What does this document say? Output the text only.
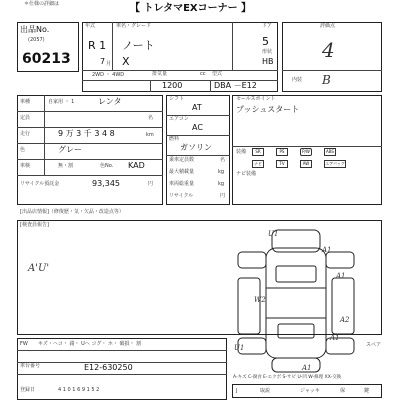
＊仕様の詳細は	【 トレタマEXコーナー 】
出品No.
(2057)
60213
年式
R 1
7 月
車名・グレード
ノート
X
2WD ・ 4WD
ドア
5
形状
HB
排気量	cc
1200
型式
DBA －E12
評価点
4
内装 B
車種	自家用 ・ 1	レンタ
定員	名
走行	9 万 3 千 3 4 8	km
色	グレー
車検	無・割	色No. KAD
リサイクル預託金	93,345	円
[出品店情報]（修復歴・気・欠品・改造点等）
シフト
AT
エアコン
AC
燃料
ガソリン
乗車定員数	名
最大積載量	kg
車両総重量	kg
リサイクル	円
セールスポイント
プッシュスタート
装備	SR	PS	P/W	ABS
ナビ	TV	AW	エアバッグ
ナビ装備
[検査員報告]
A'U'
U1
A1
W2
A1
A2
A1
U1
A1
スペア
FW キズ・ヘコ・ 錆・ Uヘ コグ・ ホ・ 破損・ 割
車台番号	E12-630250
登録日	4 1 0 1 6 9 1 5 2
A-キズ C-腐食 E-エクボ S-サビ U-凹 W-修理 XX-交換
J	取説	ジャッキ	保	鍵
